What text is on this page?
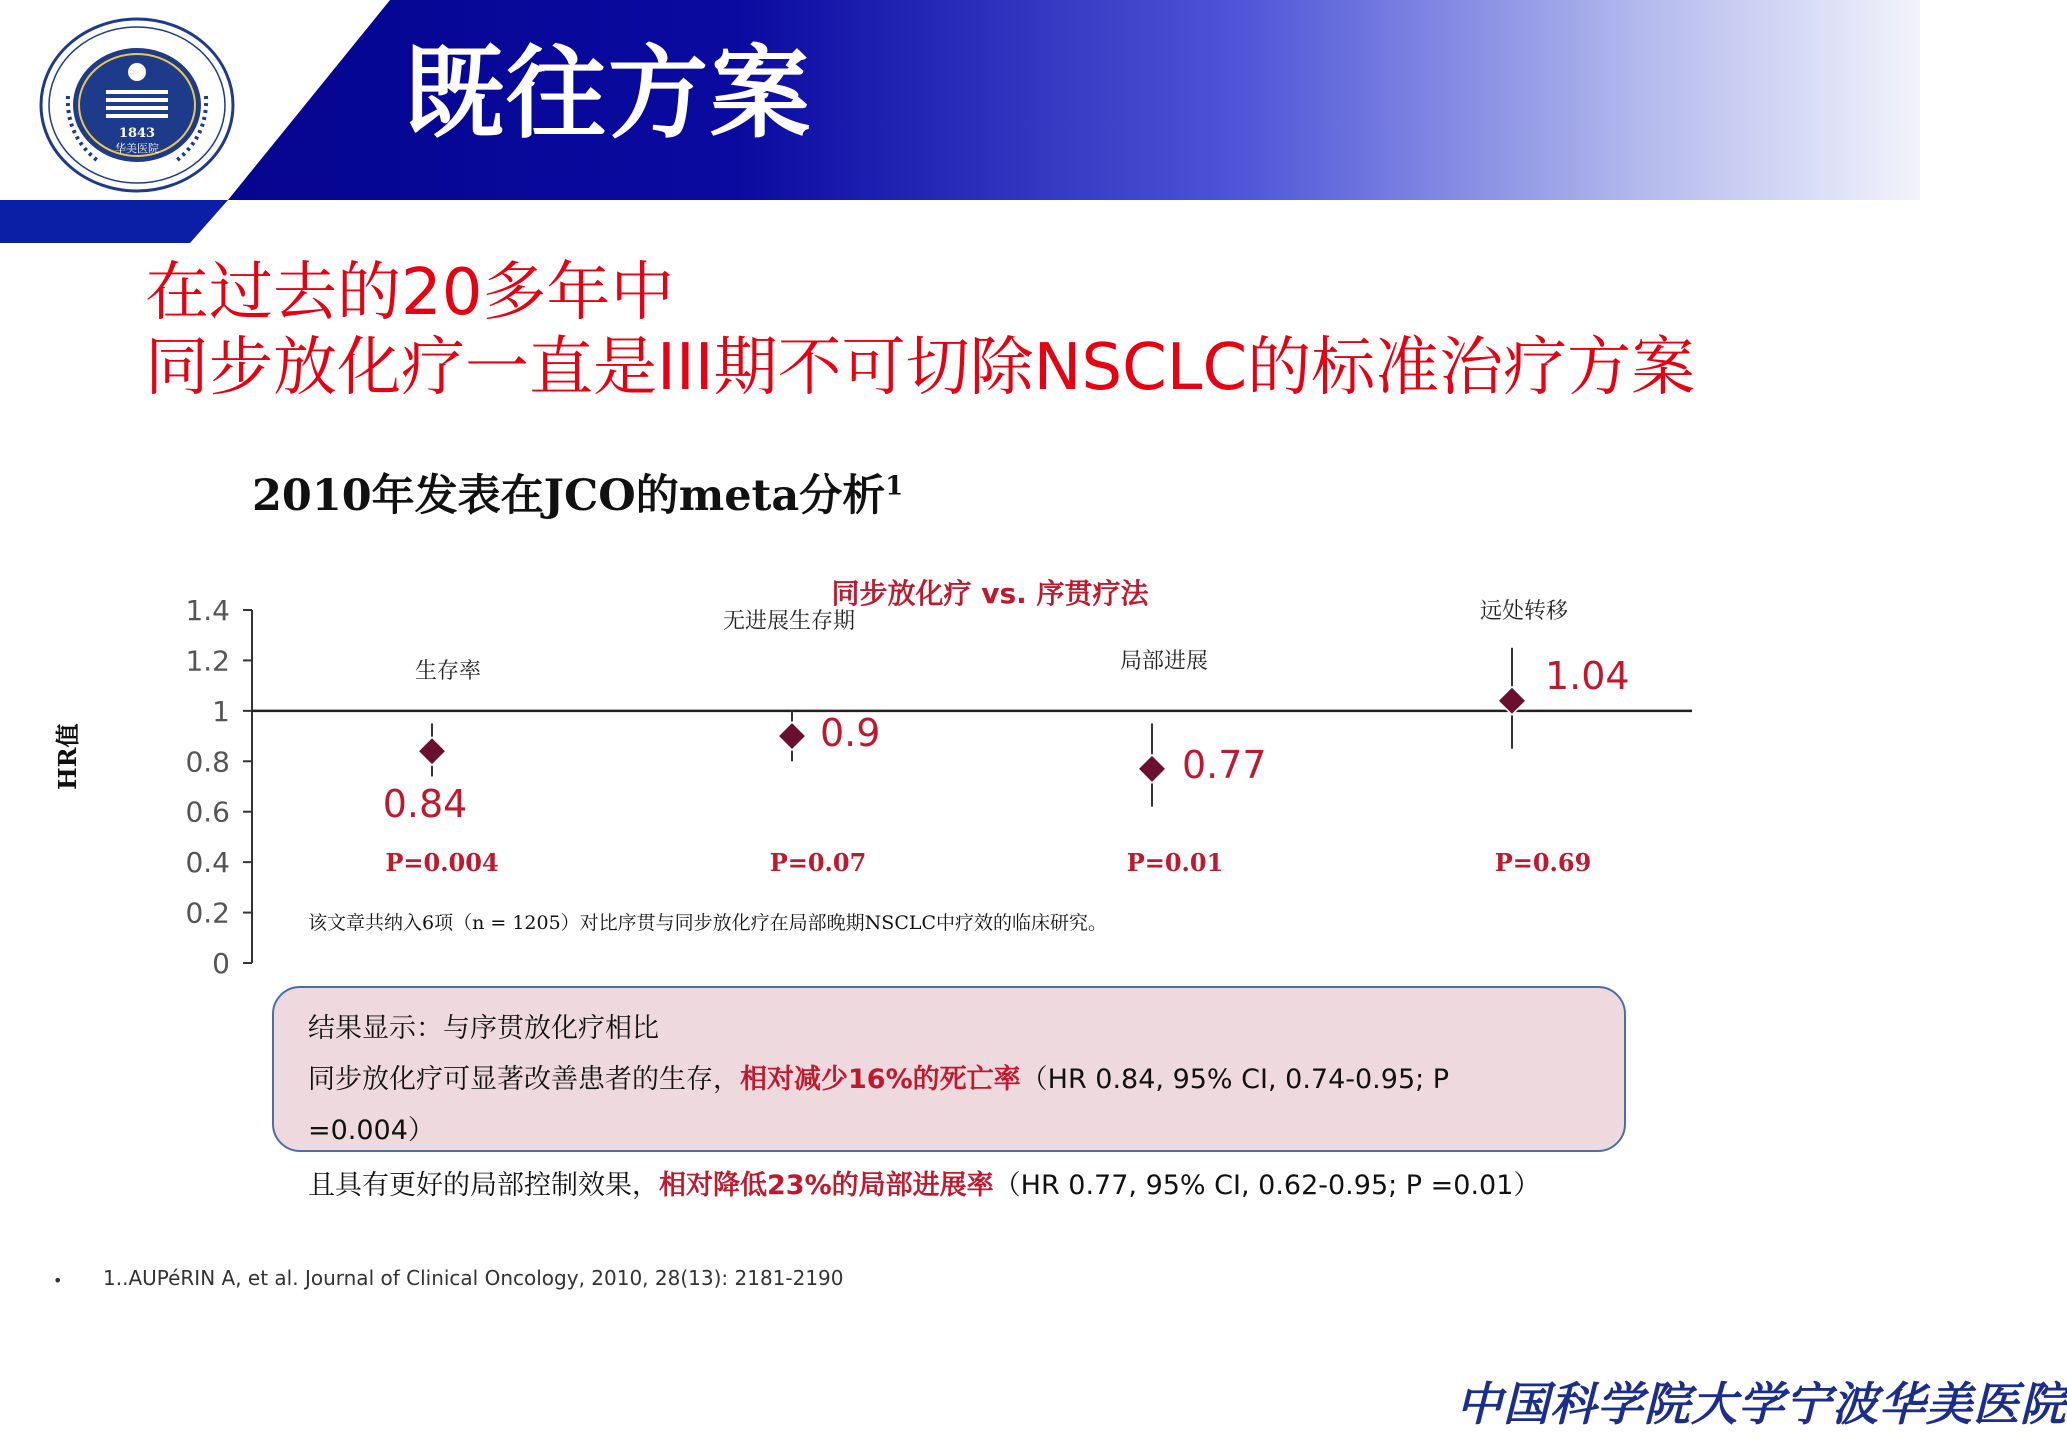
1843
华美医院 既往方案
在过去的20多年中
同步放化疗一直是III期不可切除NSCLC的标准治疗方案
2010年发表在JCO的meta分析$^1$
同步放化疗 vs. 序贯疗法
1.4
1.2
1
0.8
0.6
0.4
0.2
0
生存率
0.84
P=0.004
无进展生存期
0.9
P=0.07
局部进展
0.77
P=0.01
远处转移
1.04
P=0.69
HR值
该文章共纳入6项（n = 1205）对比序贯与同步放化疗在局部晚期NSCLC中疗效的临床研究。
结果显示：与序贯放化疗相比
同步放化疗可显著改善患者的生存，相对减少16%的死亡率（HR 0.84, 95% CI, 0.74-0.95; P
=0.004）
且具有更好的局部控制效果，相对降低23%的局部进展率（HR 0.77, 95% CI, 0.62-0.95; P =0.01）
• 1..AUPéRIN A, et al. Journal of Clinical Oncology, 2010, 28(13): 2181-2190
中国科学院大学宁波华美医院
